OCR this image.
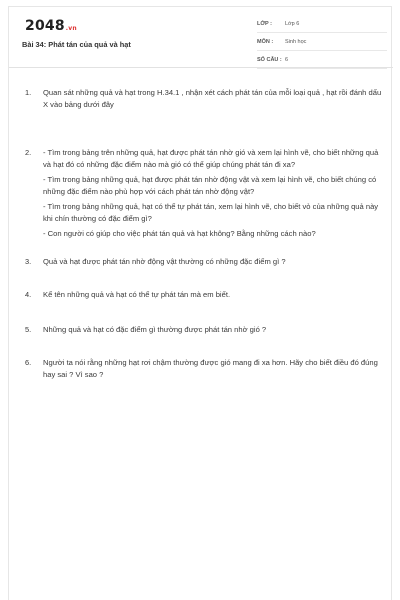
2048.vn
Bài 34: Phát tán của quả và hạt
LỚP : Lớp 6
MÔN : Sinh học
SỐ CÂU : 6
1. Quan sát những quả và hạt trong H.34.1 , nhận xét cách phát tán của mỗi loại quả , hạt rồi đánh dấu X vào bảng dưới đây

2. - Tìm trong bảng trên những quả, hạt được phát tán nhờ gió và xem lại hình vẽ, cho biết những quả và hạt đó có những đặc điểm nào mà gió có thể giúp chúng phát tán đi xa?

- Tìm trong bảng những quả, hạt được phát tán nhờ động vật và xem lại hình vẽ, cho biết chúng có những đặc điểm nào phù hợp với cách phát tán nhờ động vật?

- Tìm trong bảng những quả, hạt có thể tự phát tán, xem lại hình vẽ, cho biết vỏ của những quả này khi chín thường có đặc điểm gì?

- Con người có giúp cho việc phát tán quả và hạt không? Bằng những cách nào?

3. Quả và hạt được phát tán nhờ động vật thường có những đặc điểm gì ?

4. Kể tên những quả và hạt có thể tự phát tán mà em biết.

5. Những quả và hạt có đặc điểm gì thường được phát tán nhờ gió ?

6. Người ta nói rằng những hạt rơi chậm thường được gió mang đi xa hơn. Hãy cho biết điều đó đúng hay sai ? Vì sao ?
